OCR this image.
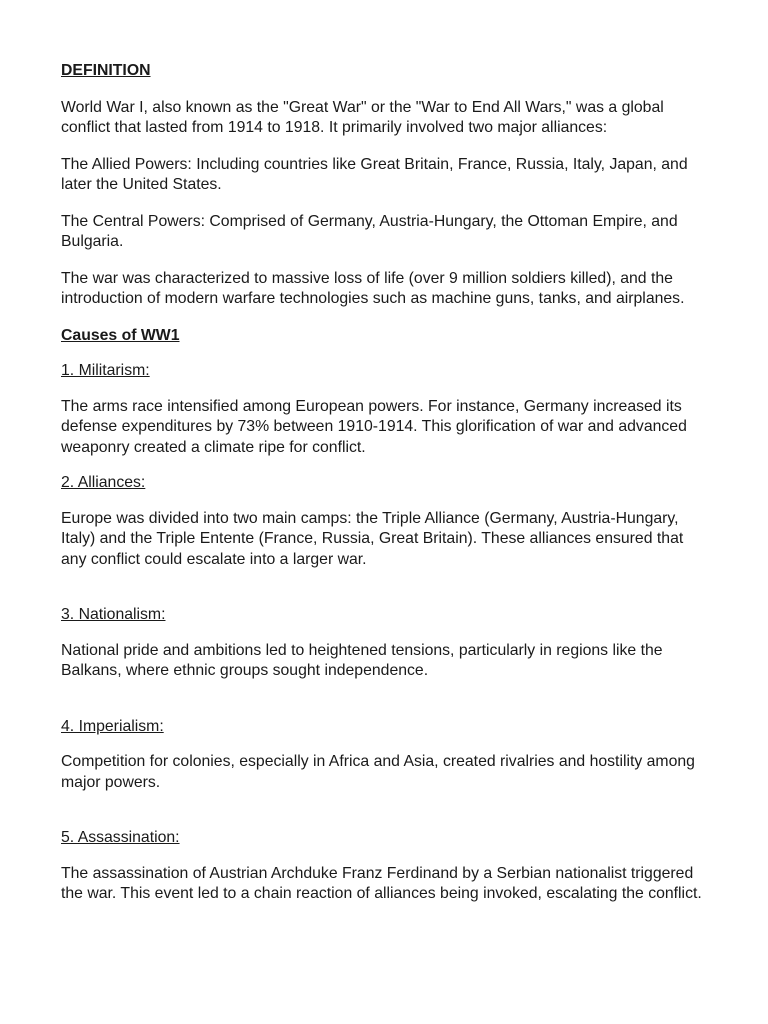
DEFINITION

World War I, also known as the "Great War" or the "War to End All Wars," was a global conflict that lasted from 1914 to 1918. It primarily involved two major alliances:

The Allied Powers: Including countries like Great Britain, France, Russia, Italy, Japan, and later the United States.

The Central Powers: Comprised of Germany, Austria-Hungary, the Ottoman Empire, and Bulgaria.

The war was characterized to massive loss of life (over 9 million soldiers killed), and the introduction of modern warfare technologies such as machine guns, tanks, and airplanes.

Causes of WW1

1. Militarism:

The arms race intensified among European powers. For instance, Germany increased its defense expenditures by 73% between 1910-1914. This glorification of war and advanced weaponry created a climate ripe for conflict.

2. Alliances:

Europe was divided into two main camps: the Triple Alliance (Germany, Austria-Hungary, Italy) and the Triple Entente (France, Russia, Great Britain). These alliances ensured that any conflict could escalate into a larger war.

3. Nationalism:

National pride and ambitions led to heightened tensions, particularly in regions like the Balkans, where ethnic groups sought independence.

4. Imperialism:

Competition for colonies, especially in Africa and Asia, created rivalries and hostility among major powers.

5. Assassination:

The assassination of Austrian Archduke Franz Ferdinand by a Serbian nationalist triggered the war. This event led to a chain reaction of alliances being invoked, escalating the conflict.
